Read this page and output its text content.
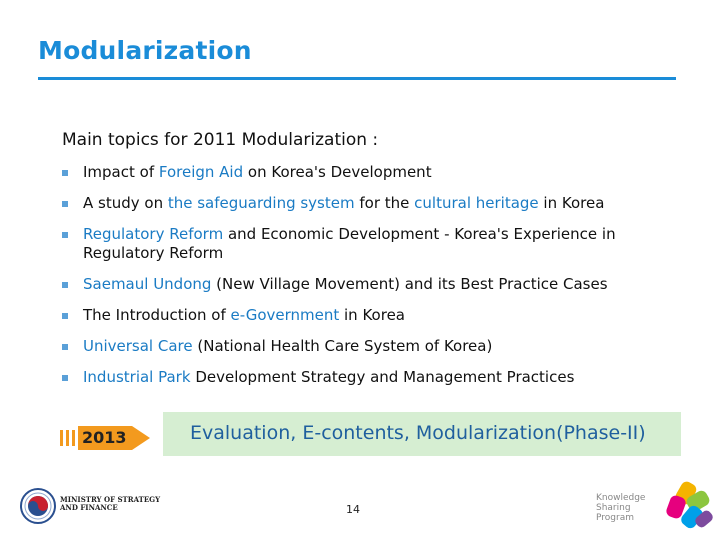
Modularization
Main topics for 2011 Modularization :
Impact of Foreign Aid on Korea's Development
A study on the safeguarding system for the cultural heritage in Korea
Regulatory Reform and Economic Development - Korea's Experience in Regulatory Reform
Saemaul Undong (New Village Movement) and its Best Practice Cases
The Introduction of e-Government in Korea
Universal Care (National Health Care System of Korea)
Industrial Park Development Strategy and Management Practices
2013	Evaluation, E-contents, Modularization(Phase-II)
MINISTRY OF STRATEGY
AND FINANCE	14
Knowledge
Sharing
Program
